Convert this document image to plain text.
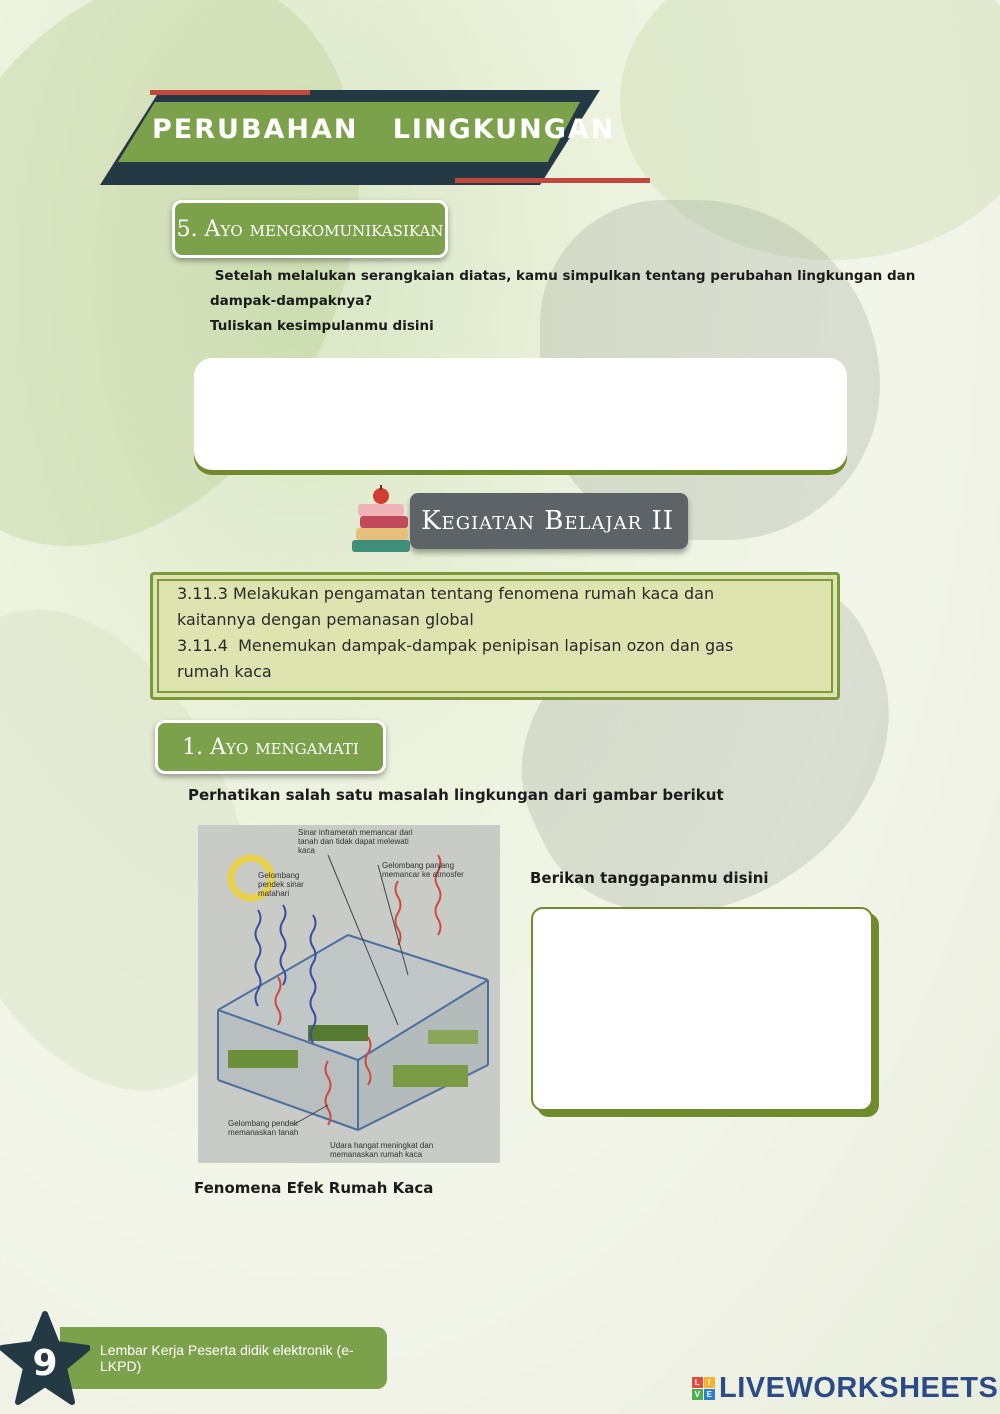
PERUBAHAN   LINGKUNGAN
5. Ayo mengkomunikasikan
Setelah melalukan serangkaian diatas, kamu simpulkan tentang perubahan lingkungan dan
dampak-dampaknya?
Tuliskan kesimpulanmu disini
Kegiatan Belajar II
3.11.3 Melakukan pengamatan tentang fenomena rumah kaca dan
kaitannya dengan pemanasan global
3.11.4  Menemukan dampak-dampak penipisan lapisan ozon dan gas
rumah kaca
1. Ayo mengamati
Perhatikan salah satu masalah lingkungan dari gambar berikut
Sinar inframerah memancar dari
tanah dan tidak dapat melewati
kaca
Gelombang panjang
memancar ke atmosfer
Gelombang
pendek sinar
matahari
Gelombang pendek
memanaskan tanah
Udara hangat meningkat dan
memanaskan rumah kaca
Berikan tanggapanmu disini
Fenomena Efek Rumah Kaca
Lembar Kerja Peserta didik elektronik (e-LKPD)
9	L I
V E LIVEWORKSHEETS
